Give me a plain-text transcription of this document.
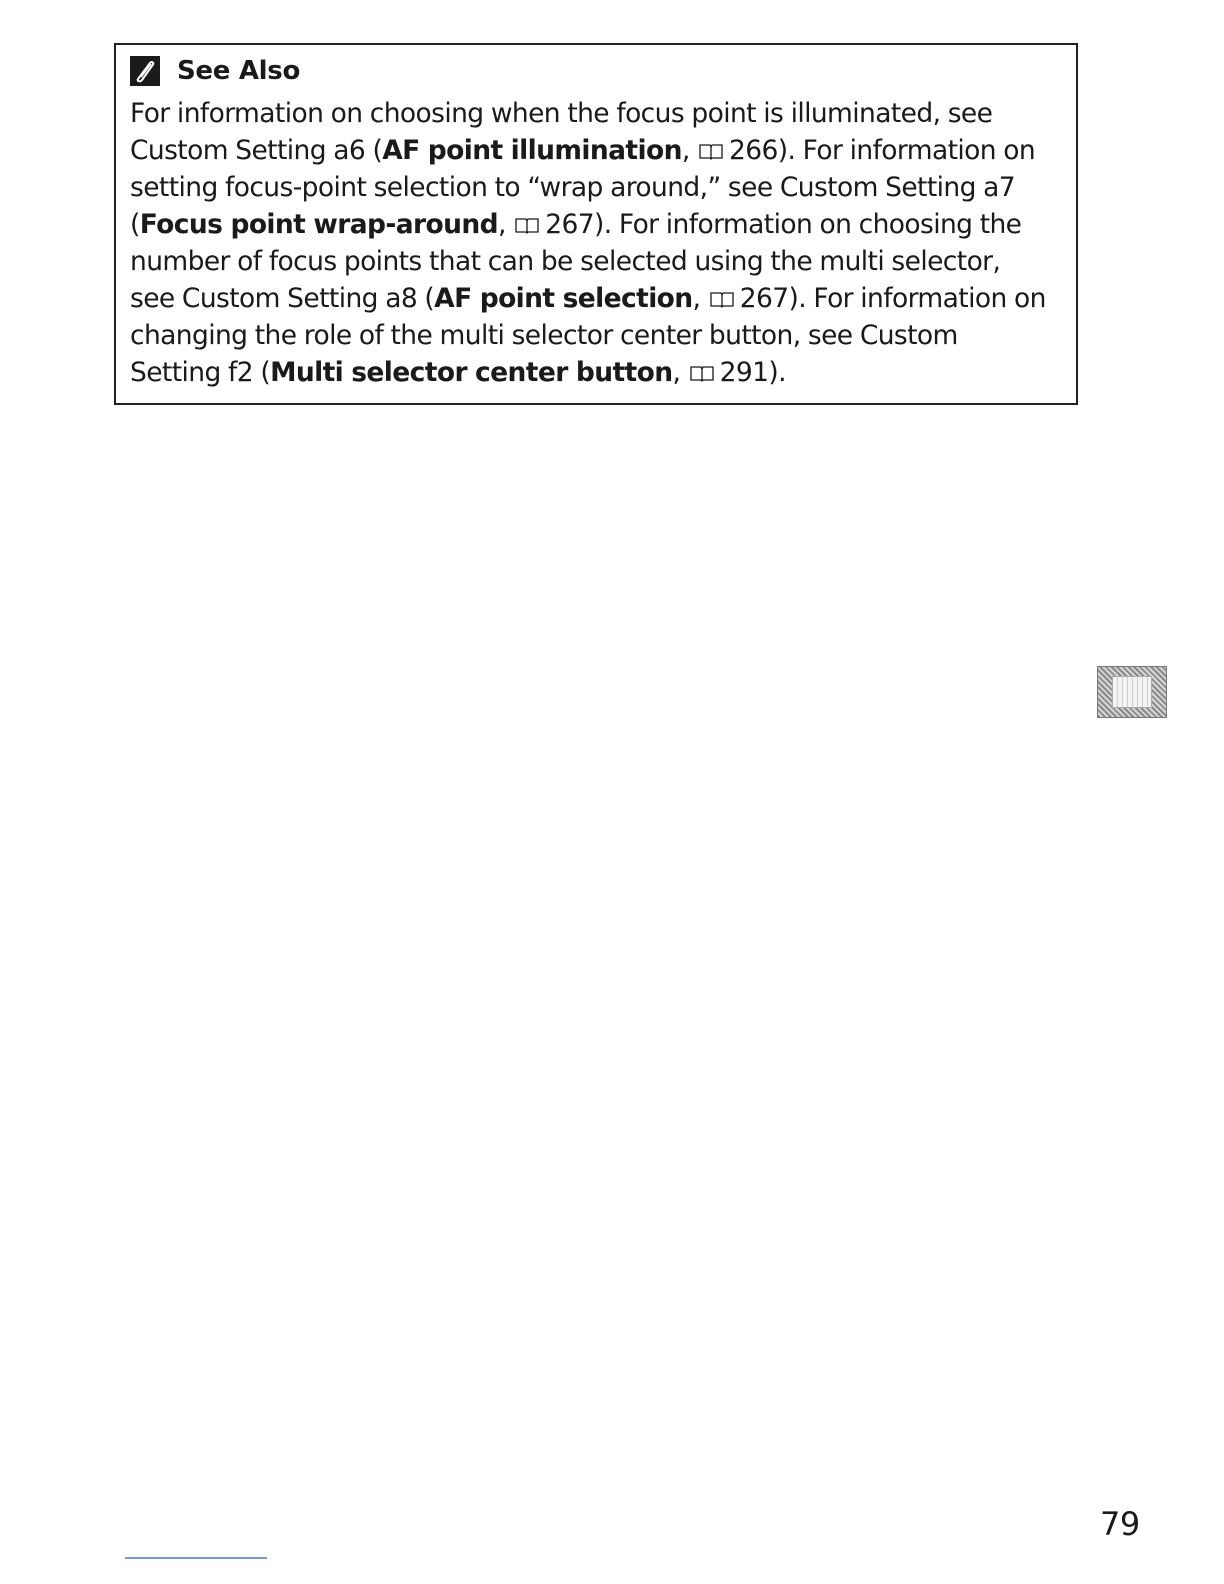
See Also
For information on choosing when the focus point is illuminated, see
Custom Setting a6 (AF point illumination, 266). For information on
setting focus-point selection to “wrap around,” see Custom Setting a7
(Focus point wrap-around, 267). For information on choosing the
number of focus points that can be selected using the multi selector,
see Custom Setting a8 (AF point selection, 267). For information on
changing the role of the multi selector center button, see Custom
Setting f2 (Multi selector center button, 291).
79
